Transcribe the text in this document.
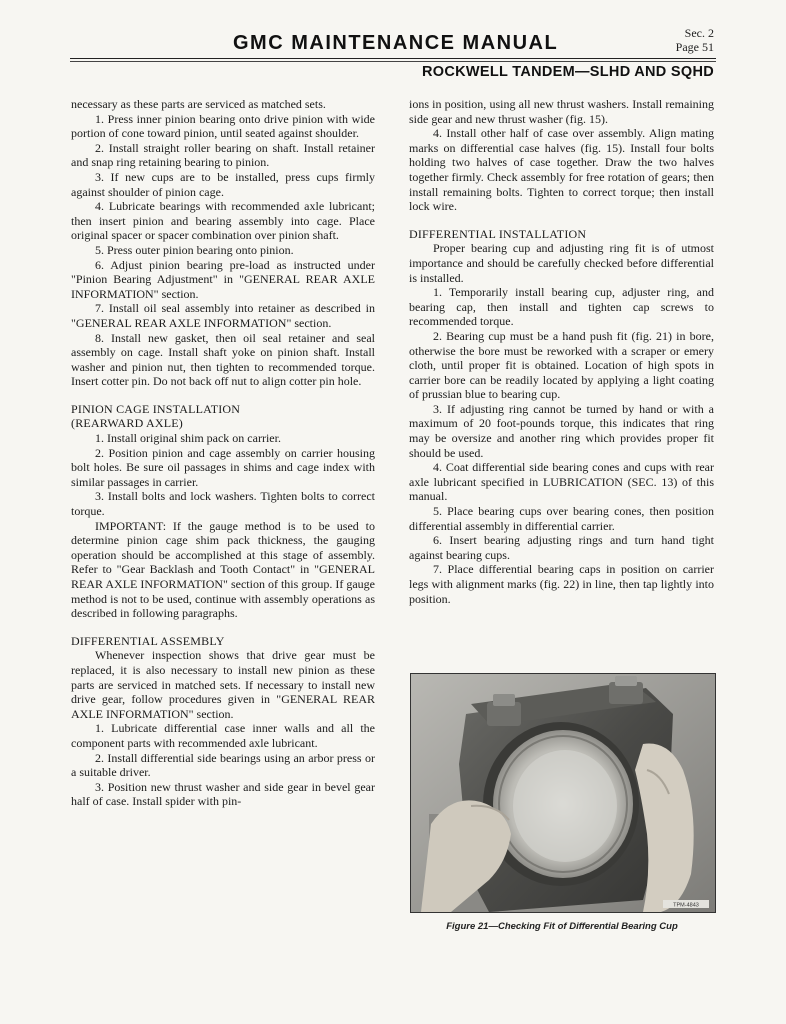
GMC MAINTENANCE MANUAL	Sec. 2
Page 51
ROCKWELL TANDEM—SLHD AND SQHD

necessary as these parts are serviced as matched sets.

1. Press inner pinion bearing onto drive pinion with wide portion of cone toward pinion, until seated against shoulder.

2. Install straight roller bearing on shaft. Install retainer and snap ring retaining bearing to pinion.

3. If new cups are to be installed, press cups firmly against shoulder of pinion cage.

4. Lubricate bearings with recommended axle lubricant; then insert pinion and bearing assembly into cage. Place original spacer or spacer combination over pinion shaft.

5. Press outer pinion bearing onto pinion.

6. Adjust pinion bearing pre-load as instructed under "Pinion Bearing Adjustment" in "GENERAL REAR AXLE INFORMATION" section.

7. Install oil seal assembly into retainer as described in "GENERAL REAR AXLE INFORMATION" section.

8. Install new gasket, then oil seal retainer and seal assembly on cage. Install shaft yoke on pinion shaft. Install washer and pinion nut, then tighten to recommended torque. Insert cotter pin. Do not back off nut to align cotter pin hole.

PINION CAGE INSTALLATION
(REARWARD AXLE)

1. Install original shim pack on carrier.

2. Position pinion and cage assembly on carrier housing bolt holes. Be sure oil passages in shims and cage index with similar passages in carrier.

3. Install bolts and lock washers. Tighten bolts to correct torque.

IMPORTANT: If the gauge method is to be used to determine pinion cage shim pack thickness, the gauging operation should be accomplished at this stage of assembly. Refer to "Gear Backlash and Tooth Contact" in "GENERAL REAR AXLE INFORMATION" section of this group. If gauge method is not to be used, continue with assembly operations as described in following paragraphs.

DIFFERENTIAL ASSEMBLY

Whenever inspection shows that drive gear must be replaced, it is also necessary to install new pinion as these parts are serviced in matched sets. If necessary to install new drive gear, follow procedures given in "GENERAL REAR AXLE INFORMATION" section.

1. Lubricate differential case inner walls and all the component parts with recommended axle lubricant.

2. Install differential side bearings using an arbor press or a suitable driver.

3. Position new thrust washer and side gear in bevel gear half of case. Install spider with pin-

ions in position, using all new thrust washers. Install remaining side gear and new thrust washer (fig. 15).

4. Install other half of case over assembly. Align mating marks on differential case halves (fig. 15). Install four bolts holding two halves of case together. Draw the two halves together firmly. Check assembly for free rotation of gears; then install remaining bolts. Tighten to correct torque; then install lock wire.

DIFFERENTIAL INSTALLATION

Proper bearing cup and adjusting ring fit is of utmost importance and should be carefully checked before differential is installed.

1. Temporarily install bearing cup, adjuster ring, and bearing cap, then install and tighten cap screws to recommended torque.

2. Bearing cup must be a hand push fit (fig. 21) in bore, otherwise the bore must be reworked with a scraper or emery cloth, until proper fit is obtained. Location of high spots in carrier bore can be readily located by applying a light coating of prussian blue to bearing cup.

3. If adjusting ring cannot be turned by hand or with a maximum of 20 foot-pounds torque, this indicates that ring may be oversize and another ring which provides proper fit should be used.

4. Coat differential side bearing cones and cups with rear axle lubricant specified in LUBRICATION (SEC. 13) of this manual.

5. Place bearing cups over bearing cones, then position differential assembly in differential carrier.

6. Insert bearing adjusting rings and turn hand tight against bearing cups.

7. Place differential bearing caps in position on carrier legs with alignment marks (fig. 22) in line, then tap lightly into position.

TPM-4843
Figure 21—Checking Fit of Differential Bearing Cup
